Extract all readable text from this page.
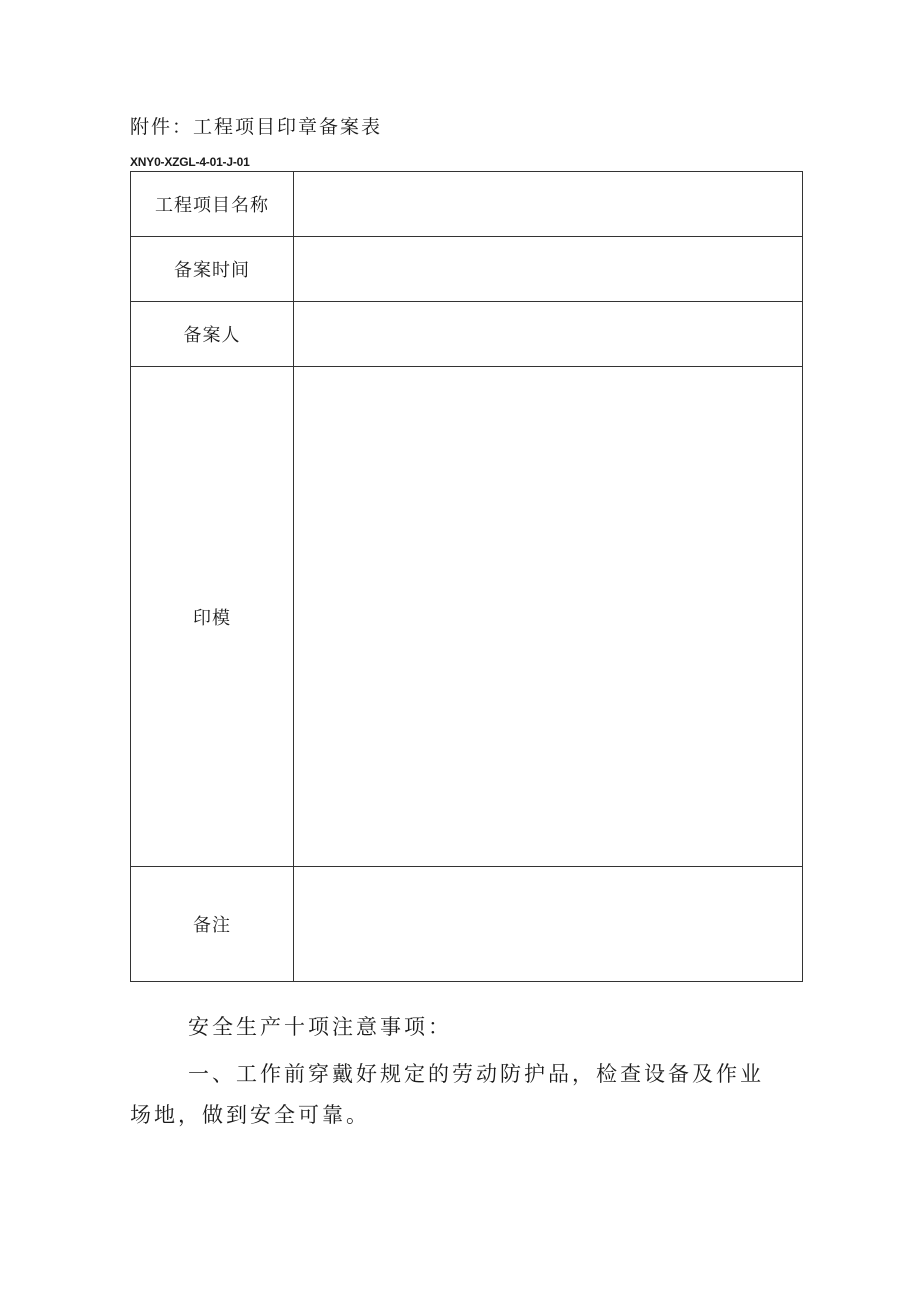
附件：工程项目印章备案表
XNY0-XZGL-4-01-J-01
工程项目名称	
备案时间	
备案人	
印模	
备注	
安全生产十项注意事项：

一、工作前穿戴好规定的劳动防护品，检查设备及作业 场地，做到安全可靠。
